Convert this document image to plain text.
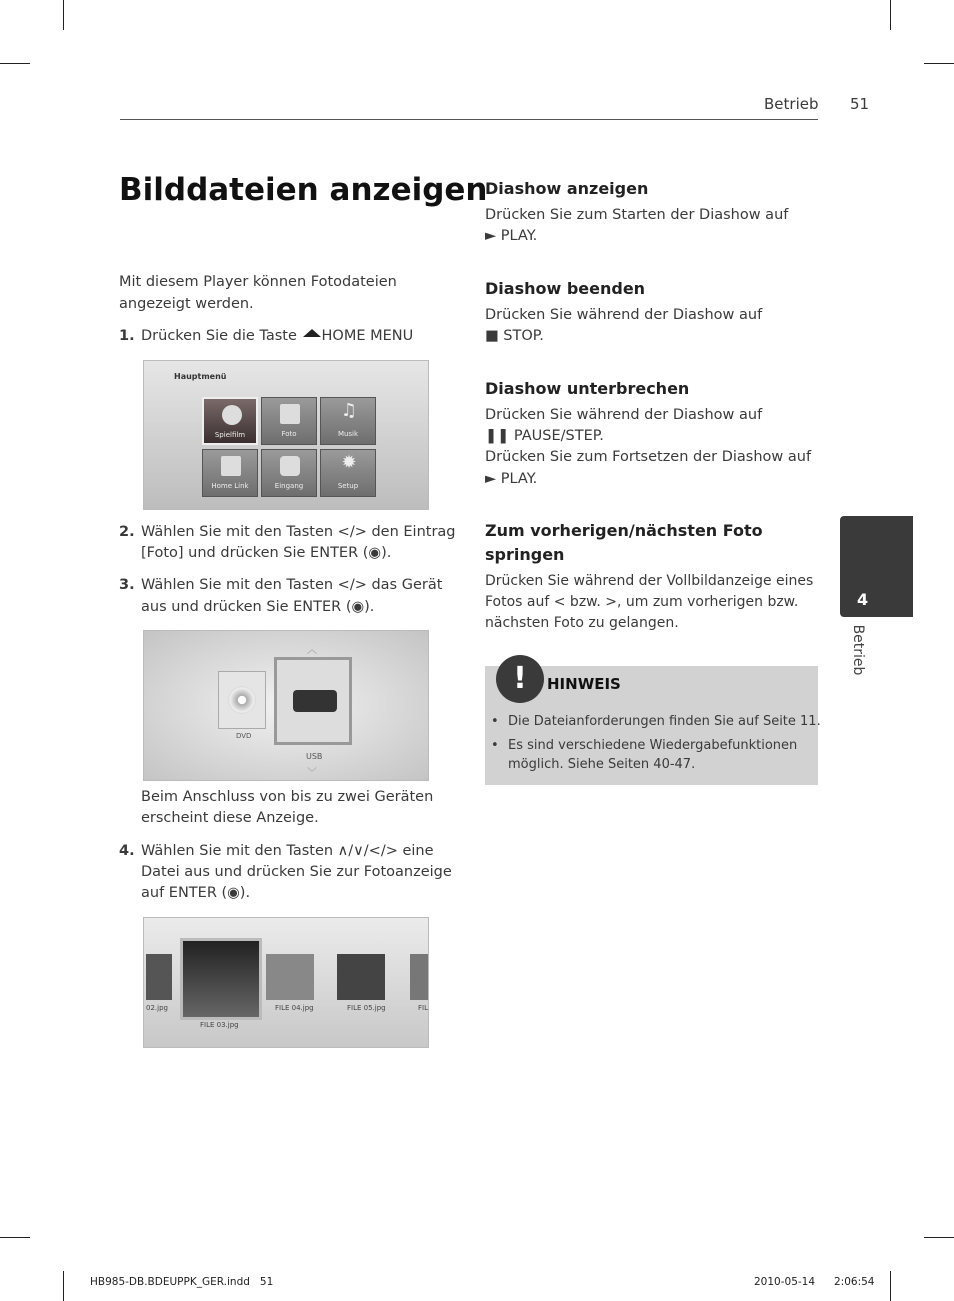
Betrieb 51
Bilddateien anzeigen
Mit diesem Player können Fotodateien
angezeigt werden.
1. Drücken Sie die Taste HOME MENU
Hauptmenü
Spielfilm	Foto
♫
Musik
Home Link	Eingang
✹
Setup
2. Wählen Sie mit den Tasten </> den Eintrag
[Foto] und drücken Sie ENTER (◉).
3. Wählen Sie mit den Tasten </> das Gerät
aus und drücken Sie ENTER (◉).
DVD
︿
USB
﹀
Beim Anschluss von bis zu zwei Geräten
erscheint diese Anzeige.
4. Wählen Sie mit den Tasten ∧/∨/</> eine
Datei aus und drücken Sie zur Fotoanzeige
auf ENTER (◉).
02.jpg
FILE 03.jpg
FILE 04.jpg	FILE 05.jpg	FIL
Diashow anzeigen
Drücken Sie zum Starten der Diashow auf
► PLAY.
Diashow beenden
Drücken Sie während der Diashow auf
■ STOP.
Diashow unterbrechen
Drücken Sie während der Diashow auf
❚❚ PAUSE/STEP.
Drücken Sie zum Fortsetzen der Diashow auf
► PLAY.
Zum vorherigen/nächsten Foto
springen
Drücken Sie während der Vollbildanzeige eines
Fotos auf < bzw. >, um zum vorherigen bzw.
nächsten Foto zu gelangen.
!	HINWEIS
• Die Dateianforderungen finden Sie auf Seite 11.
• Es sind verschiedene Wiedergabefunktionen
möglich. Siehe Seiten 40-47.
4
Betrieb
HB985-DB.BDEUPPK_GER.indd   51	2010-05-14 2:06:54
